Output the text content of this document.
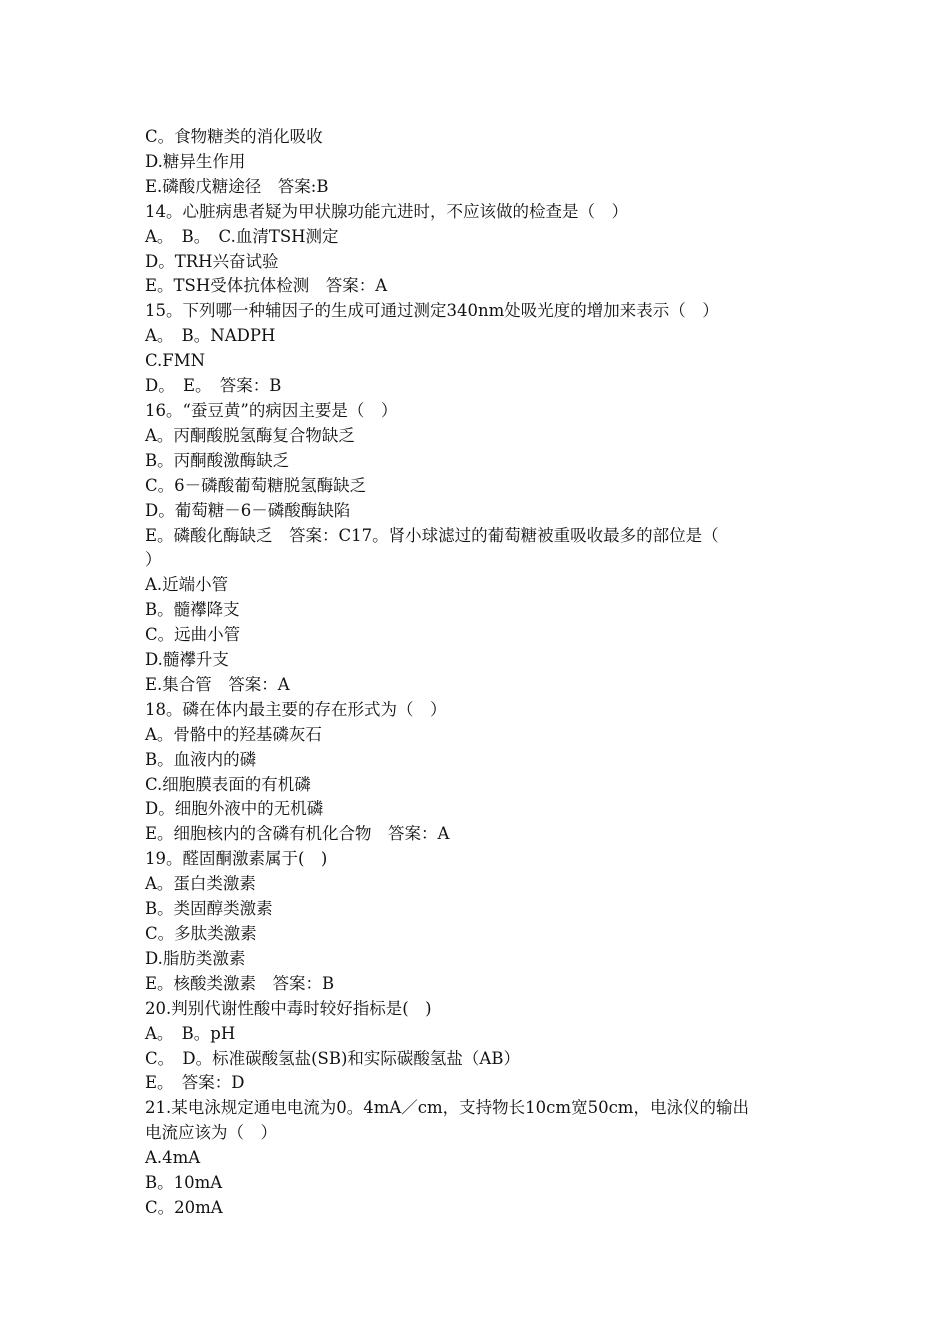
C。食物糖类的消化吸收

D.糖异生作用

E.磷酸戊糖途径　答案:B

14。心脏病患者疑为甲状腺功能亢进时，不应该做的检查是（　）

A。　B。　C.血清TSH测定

D。TRH兴奋试验

E。TSH受体抗体检测　答案：A

15。下列哪一种辅因子的生成可通过测定340nm处吸光度的增加来表示（　）

A。　B。NADPH

C.FMN

D。　E。　答案：B

16。“蚕豆黄”的病因主要是（　）

A。丙酮酸脱氢酶复合物缺乏

B。丙酮酸激酶缺乏

C。6－磷酸葡萄糖脱氢酶缺乏

D。葡萄糖－6－磷酸酶缺陷

E。磷酸化酶缺乏　答案：C17。肾小球滤过的葡萄糖被重吸收最多的部位是（

）

A.近端小管

B。髓襻降支

C。远曲小管

D.髓襻升支

E.集合管　答案：A

18。磷在体内最主要的存在形式为（　）

A。骨骼中的羟基磷灰石

B。血液内的磷

C.细胞膜表面的有机磷

D。细胞外液中的无机磷

E。细胞核内的含磷有机化合物　答案：A

19。醛固酮激素属于(　)

A。蛋白类激素

B。类固醇类激素

C。多肽类激素

D.脂肪类激素

E。核酸类激素　答案：B

20.判别代谢性酸中毒时较好指标是(　)

A。　B。pH

C。　D。标准碳酸氢盐(SB)和实际碳酸氢盐（AB）

E。　答案：D

21.某电泳规定通电电流为0。4mA／cm，支持物长10cm宽50cm，电泳仪的输出

电流应该为（　）

A.4mA

B。10mA

C。20mA
